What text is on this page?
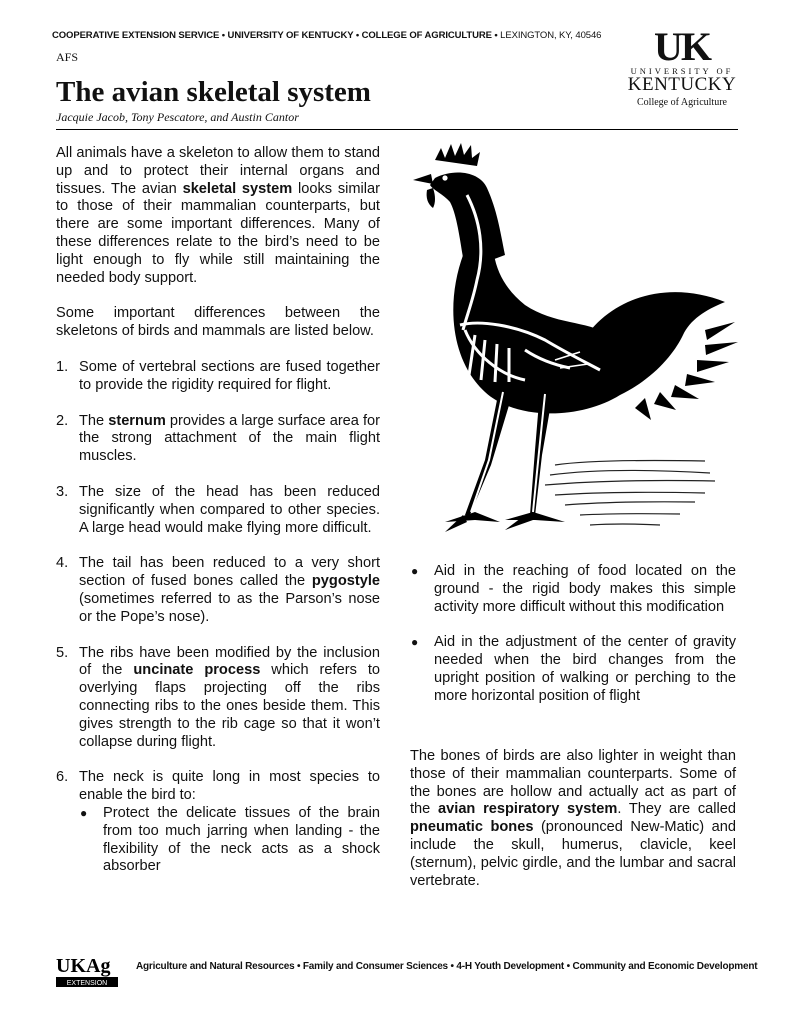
COOPERATIVE EXTENSION SERVICE • UNIVERSITY OF KENTUCKY • COLLEGE OF AGRICULTURE • LEXINGTON, KY, 40546
AFS
The avian skeletal system
Jacquie Jacob, Tony Pescatore, and Austin Cantor
UK
UNIVERSITY OF
KENTUCKY
College of Agriculture

All animals have a skeleton to allow them to stand up and to protect their internal organs and tissues. The avian skeletal system looks similar to those of their mammalian counterparts, but there are some important differences. Many of these differences relate to the bird’s need to be light enough to fly while still maintaining the needed body support.

Some important differences between the skeletons of birds and mammals are listed below.

1. Some of vertebral sections are fused together to provide the rigidity required for flight.
2. The sternum provides a large surface area for the strong attachment of the main flight muscles.
3. The size of the head has been reduced significantly when compared to other species. A large head would make flying more difficult.
4. The tail has been reduced to a very short section of fused bones called the pygostyle (sometimes referred to as the Parson’s nose or the Pope’s nose).
5. The ribs have been modified by the inclusion of the uncinate process which refers to overlying flaps projecting off the ribs connecting ribs to the ones beside them. This gives strength to the rib cage so that it won’t collapse during flight.
6. The neck is quite long in most species to enable the bird to:
● Protect the delicate tissues of the brain from too much jarring when landing - the flexibility of the neck acts as a shock absorber
● Aid in the reaching of food located on the ground - the rigid body makes this simple activity more difficult without this modification
● Aid in the adjustment of the center of gravity needed when the bird changes from the upright position of walking or perching to the more horizontal position of flight

The bones of birds are also lighter in weight than those of their mammalian counterparts. Some of the bones are hollow and actually act as part of the avian respiratory system. They are called pneumatic bones (pronounced New-Matic) and include the skull, humerus, clavicle, keel (sternum), pelvic girdle, and the lumbar and sacral vertebrate.

UKAg
EXTENSION
Agriculture and Natural Resources • Family and Consumer Sciences • 4-H Youth Development • Community and Economic Development
